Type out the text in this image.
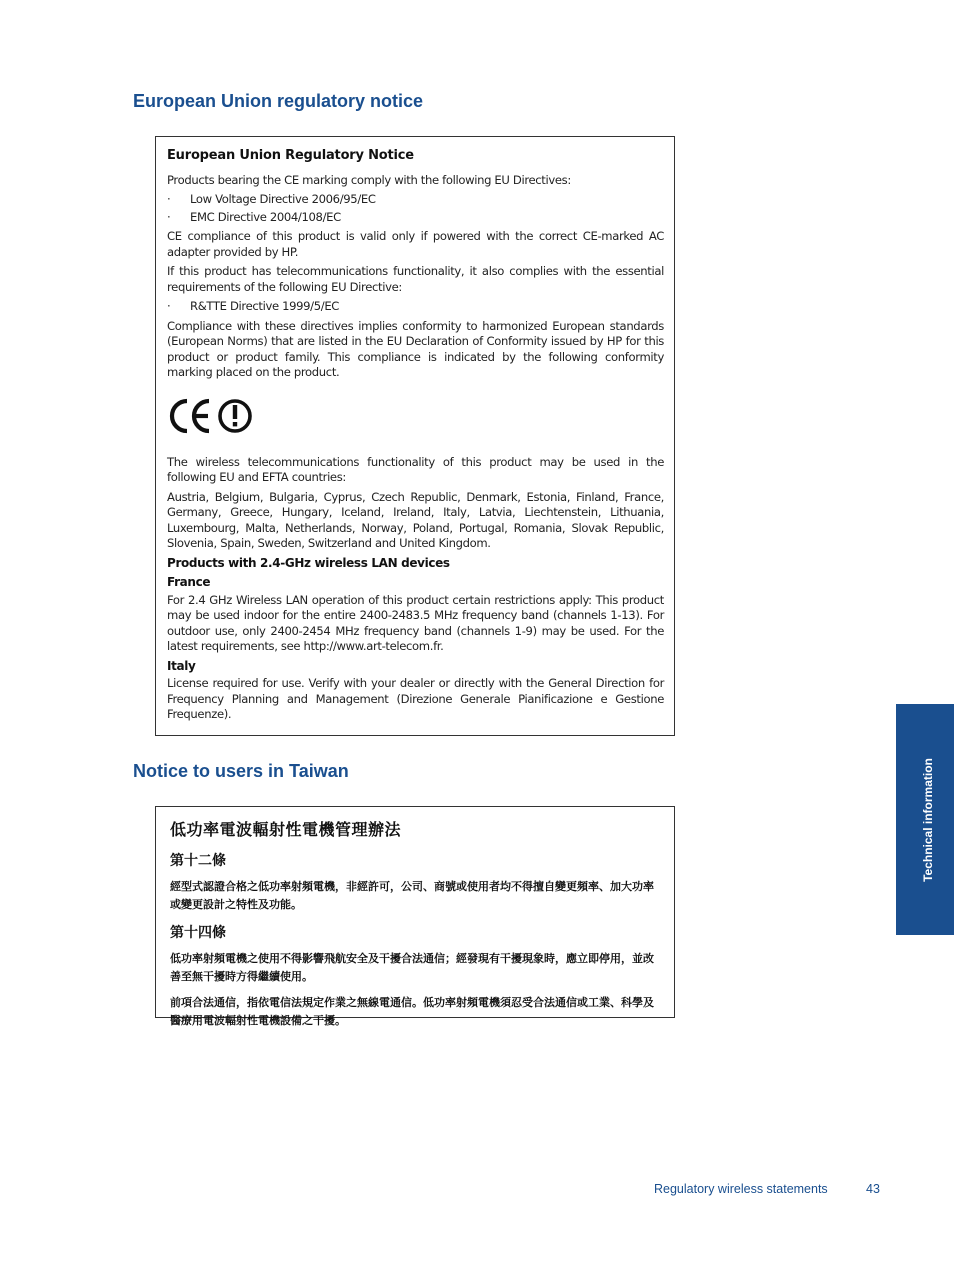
European Union regulatory notice

European Union Regulatory Notice

Products bearing the CE marking comply with the following EU Directives:

· Low Voltage Directive 2006/95/EC
· EMC Directive 2004/108/EC

CE compliance of this product is valid only if powered with the correct CE-marked AC adapter provided by HP.

If this product has telecommunications functionality, it also complies with the essential requirements of the following EU Directive:

· R&TTE Directive 1999/5/EC

Compliance with these directives implies conformity to harmonized European standards (European Norms) that are listed in the EU Declaration of Conformity issued by HP for this product or product family. This compliance is indicated by the following conformity marking placed on the product.

The wireless telecommunications functionality of this product may be used in the following EU and EFTA countries:

Austria, Belgium, Bulgaria, Cyprus, Czech Republic, Denmark, Estonia, Finland, France, Germany, Greece, Hungary, Iceland, Ireland, Italy, Latvia, Liechtenstein, Lithuania, Luxembourg, Malta, Netherlands, Norway, Poland, Portugal, Romania, Slovak Republic, Slovenia, Spain, Sweden, Switzerland and United Kingdom.

Products with 2.4-GHz wireless LAN devices

France

For 2.4 GHz Wireless LAN operation of this product certain restrictions apply: This product may be used indoor for the entire 2400-2483.5 MHz frequency band (channels 1-13). For outdoor use, only 2400-2454 MHz frequency band (channels 1-9) may be used. For the latest requirements, see http://www.art-telecom.fr.

Italy

License required for use. Verify with your dealer or directly with the General Direction for Frequency Planning and Management (Direzione Generale Pianificazione e Gestione Frequenze).

Notice to users in Taiwan

低功率電波輻射性電機管理辦法

第十二條

經型式認證合格之低功率射頻電機，非經許可，公司、商號或使用者均不得擅自變更頻率、加大功率或變更設計之特性及功能。

第十四條

低功率射頻電機之使用不得影響飛航安全及干擾合法通信；經發現有干擾現象時，應立即停用，並改善至無干擾時方得繼續使用。

前項合法通信，指依電信法規定作業之無線電通信。低功率射頻電機須忍受合法通信或工業、科學及醫療用電波輻射性電機設備之干擾。

Technical information
Regulatory wireless statements	43
